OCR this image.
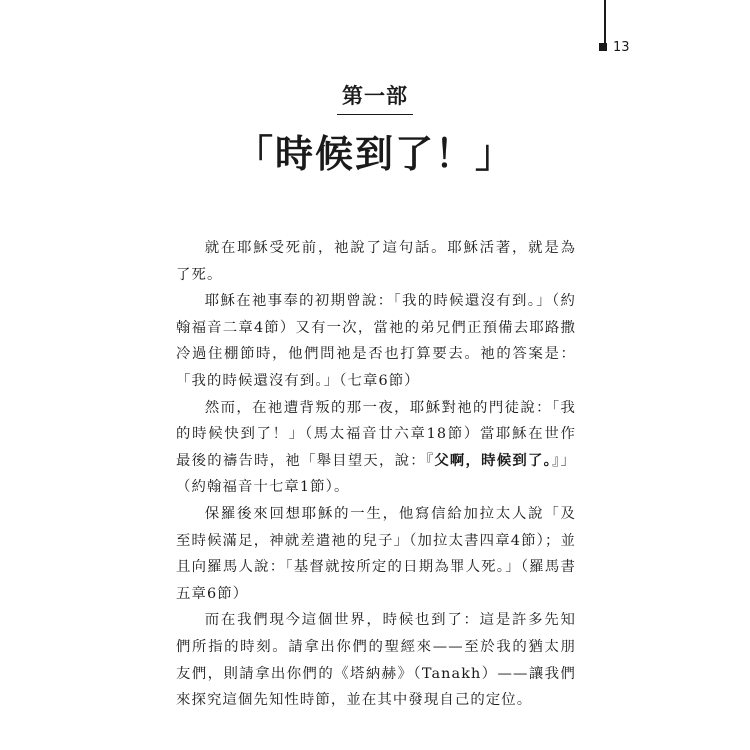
13
第一部
「時候到了！」

就在耶穌受死前，祂說了這句話。耶穌活著，就是為了死。

耶穌在祂事奉的初期曾說：「我的時候還沒有到。」（約翰福音二章4節）又有一次，當祂的弟兄們正預備去耶路撒冷過住棚節時，他們問祂是否也打算要去。祂的答案是：「我的時候還沒有到。」（七章6節）

然而，在祂遭背叛的那一夜，耶穌對祂的門徒說：「我的時候快到了！」（馬太福音廿六章18節）當耶穌在世作最後的禱告時，祂「舉目望天，說：『父啊，時候到了。』」（約翰福音十七章1節）。

保羅後來回想耶穌的一生，他寫信給加拉太人說「及至時候滿足，神就差遣祂的兒子」（加拉太書四章4節）；並且向羅馬人說：「基督就按所定的日期為罪人死。」（羅馬書五章6節）

而在我們現今這個世界，時候也到了：這是許多先知們所指的時刻。請拿出你們的聖經來——至於我的猶太朋友們，則請拿出你們的《塔納赫》（Tanakh）——讓我們來探究這個先知性時節，並在其中發現自己的定位。
